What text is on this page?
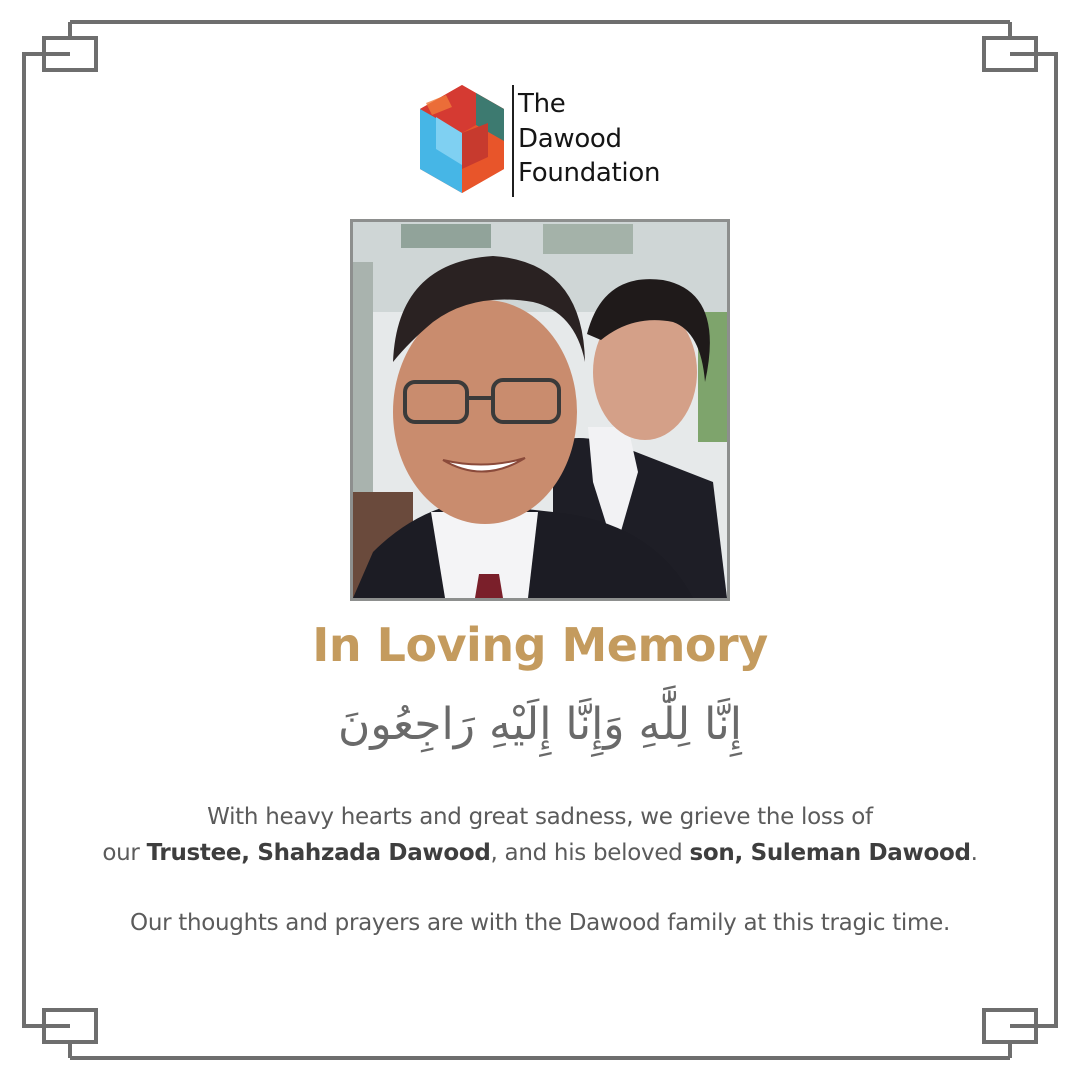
The
Dawood
Foundation
In Loving Memory
إِنَّا لِلَّٰهِ وَإِنَّا إِلَيْهِ رَاجِعُونَ
With heavy hearts and great sadness, we grieve the loss of
our Trustee, Shahzada Dawood, and his beloved son, Suleman Dawood.
Our thoughts and prayers are with the Dawood family at this tragic time.
